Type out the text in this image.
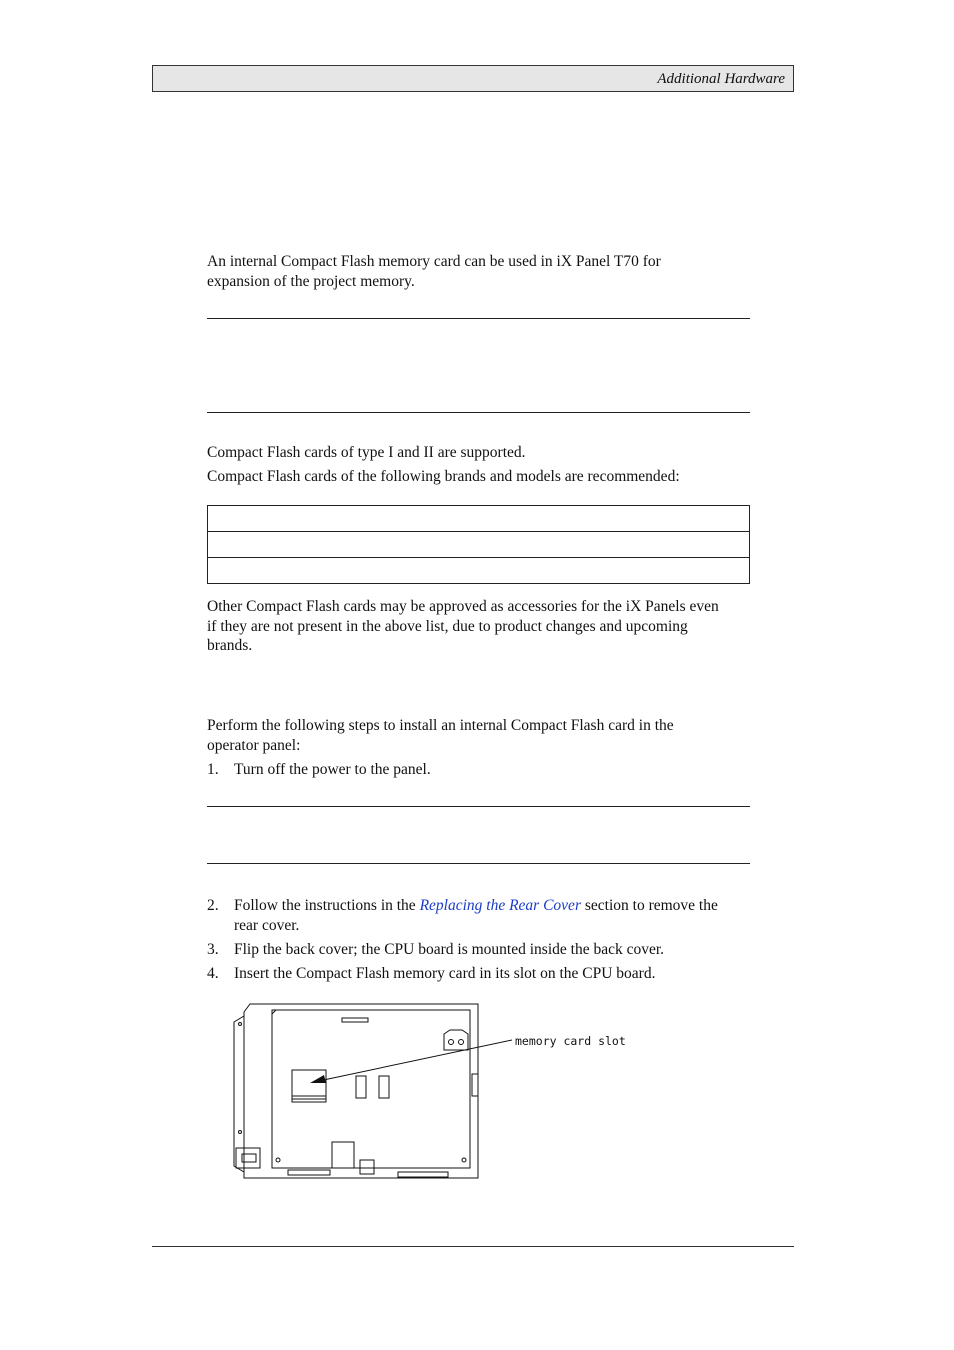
Additional Hardware
An internal Compact Flash memory card can be used in iX Panel T70 for
expansion of the project memory.
Compact Flash cards of type I and II are supported.
Compact Flash cards of the following brands and models are recommended:

Other Compact Flash cards may be approved as accessories for the iX Panels even
if they are not present in the above list, due to product changes and upcoming
brands.
Perform the following steps to install an internal Compact Flash card in the
operator panel:
1. Turn off the power to the panel.
2. Follow the instructions in the Replacing the Rear Cover section to remove the
rear cover.
3. Flip the back cover; the CPU board is mounted inside the back cover.
4. Insert the Compact Flash memory card in its slot on the CPU board.
memory card slot
